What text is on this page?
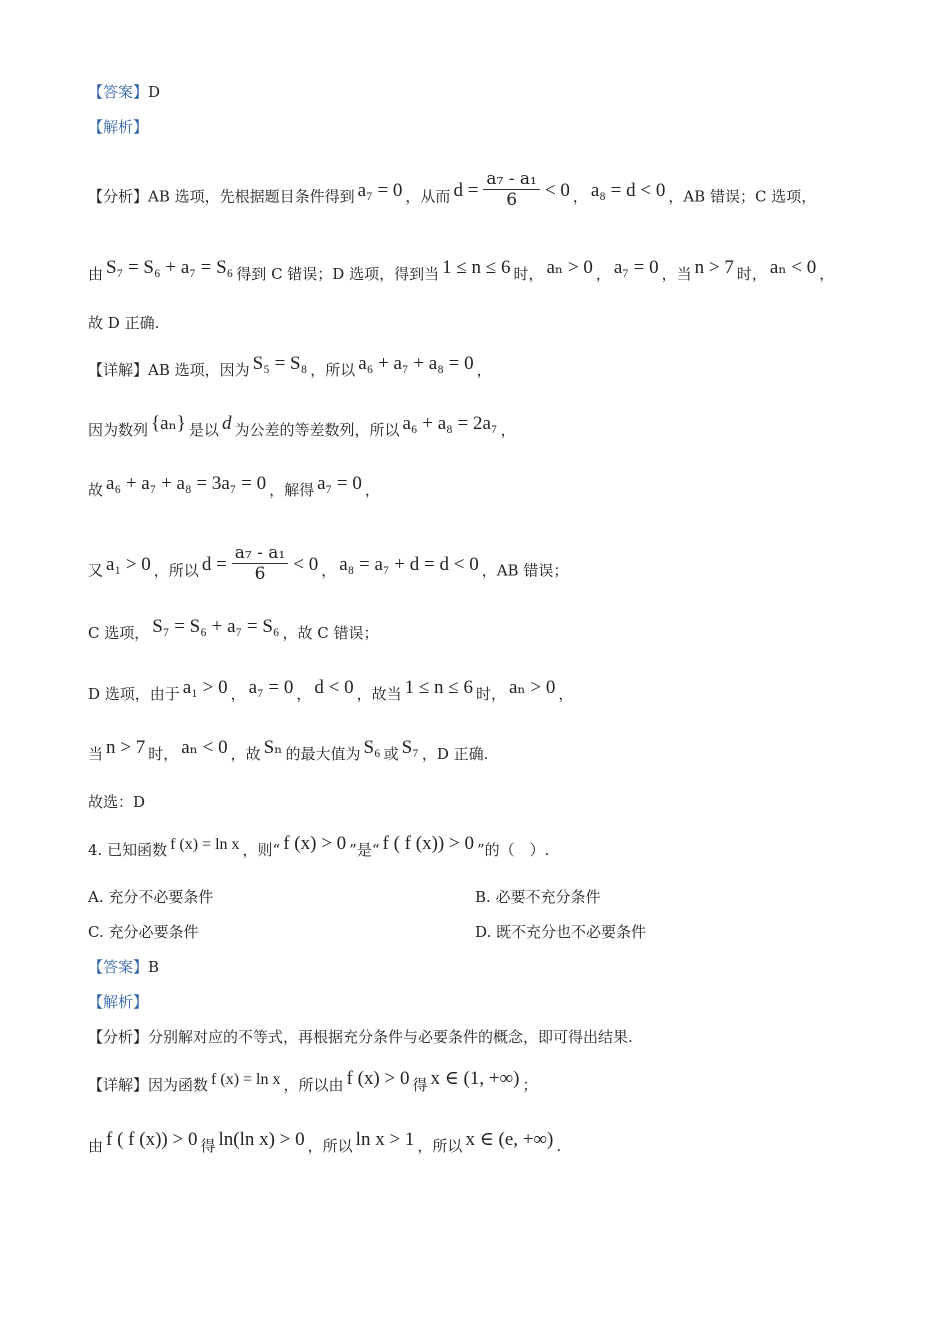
【答案】D
【解析】
【分析】AB 选项，先根据题目条件得到 a₇ = 0 ，从而 $d = \frac{\text{a₇ - a₁}}{6} < 0$ ， a₈ = d < 0 ，AB 错误；C 选项，
由 S₇ = S₆ + a₇ = S₆ 得到 C 错误；D 选项，得到当 1 ≤ n ≤ 6 时， aₙ > 0 ， a₇ = 0 ，当 n > 7 时， aₙ < 0 ，
故 D 正确.
【详解】AB 选项，因为 S₅ = S₈ ，所以 a₆ + a₇ + a₈ = 0 ，
因为数列 {aₙ} 是以 d 为公差的等差数列，所以 a₆ + a₈ = 2a₇ ，
故 a₆ + a₇ + a₈ = 3a₇ = 0 ，解得 a₇ = 0 ，
又 a₁ > 0 ，所以 $d = \frac{\text{a₇ - a₁}}{6} < 0$ ， a₈ = a₇ + d = d < 0 ，AB 错误；
C 选项， S₇ = S₆ + a₇ = S₆ ，故 C 错误；
D 选项，由于 a₁ > 0 ， a₇ = 0 ， d < 0 ，故当 1 ≤ n ≤ 6 时， aₙ > 0 ，
当 n > 7 时， aₙ < 0 ，故 Sₙ 的最大值为 S₆ 或 S₇ ，D 正确.
故选：D
4. 已知函数 f (x) = ln x ，则“ f (x) > 0 ”是“ f ( f (x)) > 0 ”的（　）.
A. 充分不必要条件	B. 必要不充分条件
C. 充分必要条件	D. 既不充分也不必要条件
【答案】B
【解析】
【分析】分别解对应的不等式，再根据充分条件与必要条件的概念，即可得出结果.
【详解】因为函数 f (x) = ln x ，所以由 f (x) > 0 得 x ∈ (1, +∞) ；
由 f ( f (x)) > 0 得 ln(ln x) > 0 ，所以 ln x > 1 ，所以 x ∈ (e, +∞) .
